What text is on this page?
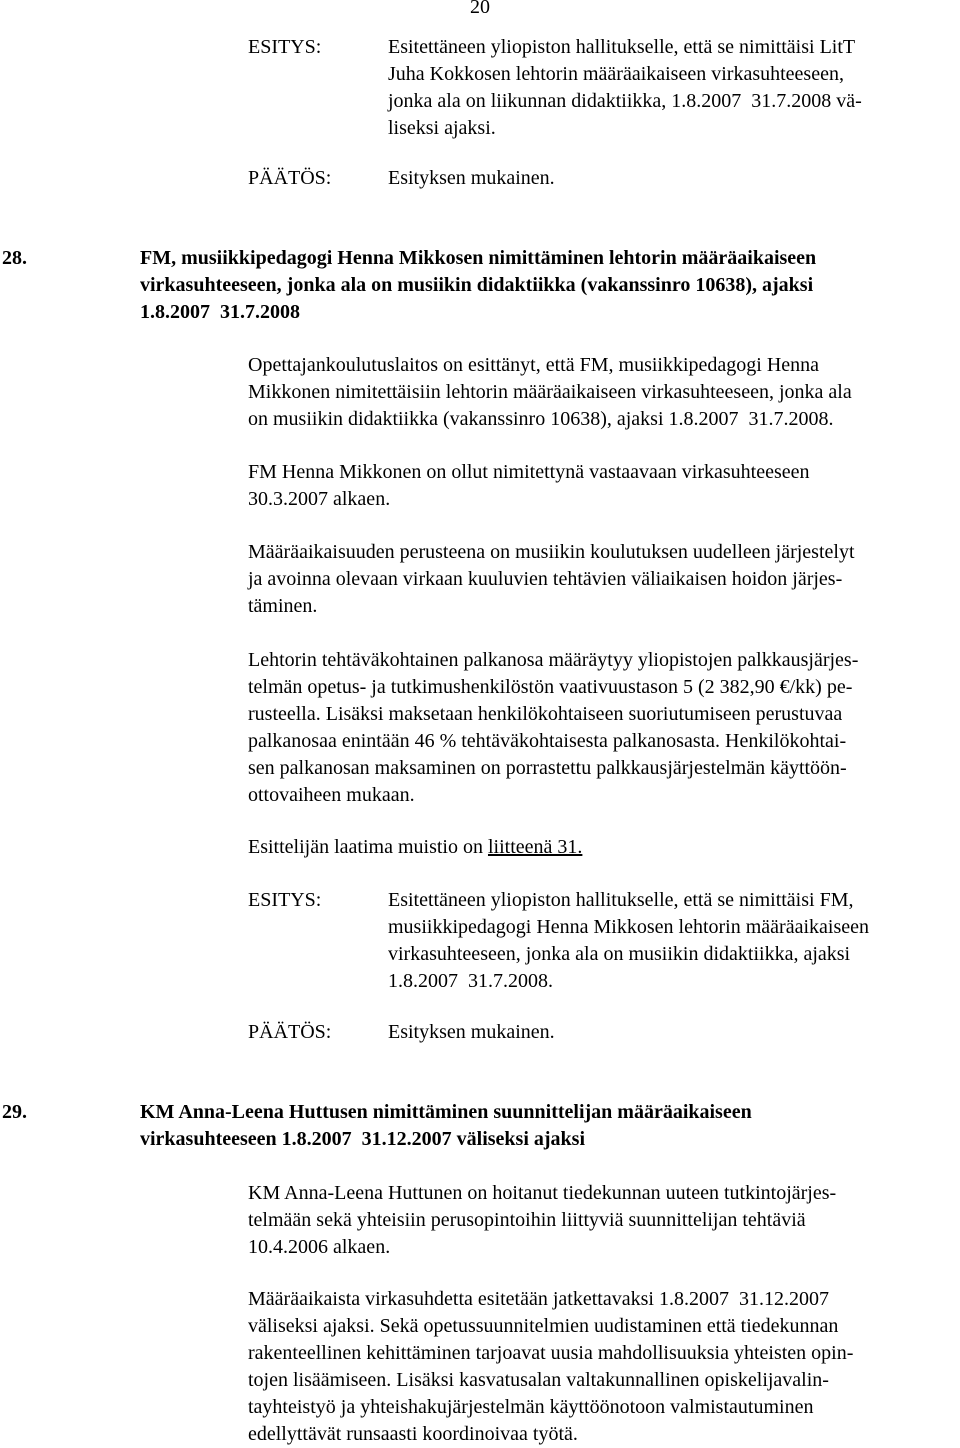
20
ESITYS:	Esitettäneen yliopiston hallitukselle, että se nimittäisi LitT
Juha Kokkosen lehtorin määräaikaiseen virkasuhteeseen,
jonka ala on liikunnan didaktiikka, 1.8.2007  31.7.2008 vä-
liseksi ajaksi.
PÄÄTÖS:	Esityksen mukainen.
28.	FM, musiikkipedagogi Henna Mikkosen nimittäminen lehtorin määräaikaiseen
virkasuhteeseen, jonka ala on musiikin didaktiikka (vakanssinro 10638), ajaksi
1.8.2007  31.7.2008
Opettajankoulutuslaitos on esittänyt, että FM, musiikkipedagogi Henna
Mikkonen nimitettäisiin lehtorin määräaikaiseen virkasuhteeseen, jonka ala
on musiikin didaktiikka (vakanssinro 10638), ajaksi 1.8.2007  31.7.2008.
FM Henna Mikkonen on ollut nimitettynä vastaavaan virkasuhteeseen
30.3.2007 alkaen.
Määräaikaisuuden perusteena on musiikin koulutuksen uudelleen järjestelyt
ja avoinna olevaan virkaan kuuluvien tehtävien väliaikaisen hoidon järjes-
täminen.
Lehtorin tehtäväkohtainen palkanosa määräytyy yliopistojen palkkausjärjes-
telmän opetus- ja tutkimushenkilöstön vaativuustason 5 (2 382,90 €/kk) pe-
rusteella. Lisäksi maksetaan henkilökohtaiseen suoriutumiseen perustuvaa
palkanosaa enintään 46 % tehtäväkohtaisesta palkanosasta. Henkilökohtai-
sen palkanosan maksaminen on porrastettu palkkausjärjestelmän käyttöön-
ottovaiheen mukaan.
Esittelijän laatima muistio on liitteenä 31.
ESITYS:	Esitettäneen yliopiston hallitukselle, että se nimittäisi FM,
musiikkipedagogi Henna Mikkosen lehtorin määräaikaiseen
virkasuhteeseen, jonka ala on musiikin didaktiikka, ajaksi
1.8.2007  31.7.2008.
PÄÄTÖS:	Esityksen mukainen.
29.	KM Anna-Leena Huttusen nimittäminen suunnittelijan määräaikaiseen
virkasuhteeseen 1.8.2007  31.12.2007 väliseksi ajaksi
KM Anna-Leena Huttunen on hoitanut tiedekunnan uuteen tutkintojärjes-
telmään sekä yhteisiin perusopintoihin liittyviä suunnittelijan tehtäviä
10.4.2006 alkaen.
Määräaikaista virkasuhdetta esitetään jatkettavaksi 1.8.2007  31.12.2007
väliseksi ajaksi. Sekä opetussuunnitelmien uudistaminen että tiedekunnan
rakenteellinen kehittäminen tarjoavat uusia mahdollisuuksia yhteisten opin-
tojen lisäämiseen. Lisäksi kasvatusalan valtakunnallinen opiskelijavalin-
tayhteistyö ja yhteishakujärjestelmän käyttöönotoon valmistautuminen
edellyttävät runsaasti koordinoivaa työtä.
